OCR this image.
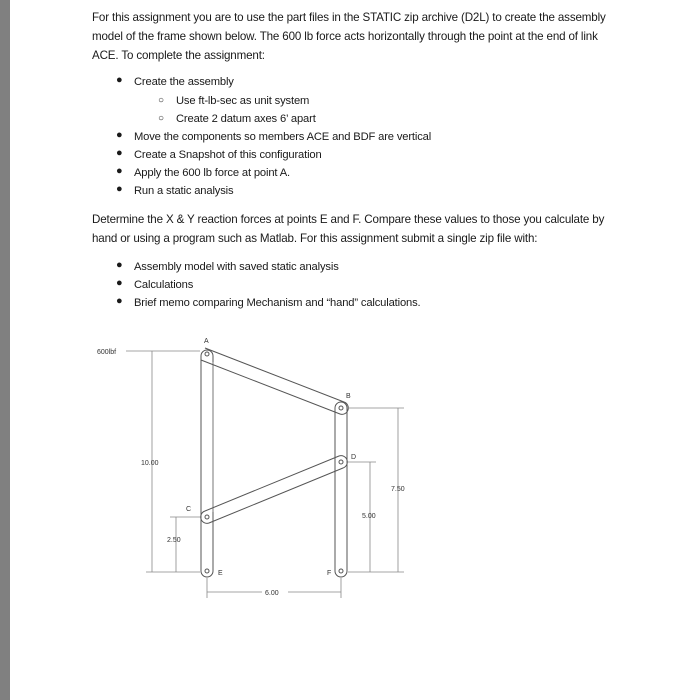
For this assignment you are to use the part files in the STATIC zip archive (D2L) to create the assembly
model of the frame shown below. The 600 lb force acts horizontally through the point at the end of link
ACE. To complete the assignment:
● Create the assembly
○ Use ft-lb-sec as unit system
○ Create 2 datum axes 6’ apart
● Move the components so members ACE and BDF are vertical
● Create a Snapshot of this configuration
● Apply the 600 lb force at point A.
● Run a static analysis
Determine the X & Y reaction forces at points E and F. Compare these values to those you calculate by
hand or using a program such as Matlab. For this assignment submit a single zip file with:
● Assembly model with saved static analysis
● Calculations
● Brief memo comparing Mechanism and “hand” calculations.
600lbf
A
B
C
D
E	F
10.00
2.50
7.50
5.00
6.00
